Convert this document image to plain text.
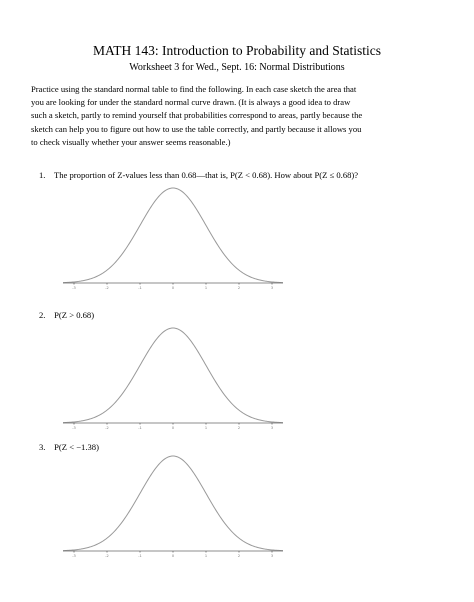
MATH 143: Introduction to Probability and Statistics
Worksheet 3 for Wed., Sept. 16: Normal Distributions
Practice using the standard normal table to find the following. In each case sketch the area that
you are looking for under the standard normal curve drawn. (It is always a good idea to draw
such a sketch, partly to remind yourself that probabilities correspond to areas, partly because the
sketch can help you to figure out how to use the table correctly, and partly because it allows you
to check visually whether your answer seems reasonable.)
1. The proportion of Z-values less than 0.68—that is, P(Z < 0.68). How about P(Z ≤ 0.68)?
-3	-2	-1	0	1	2	3
2. P(Z > 0.68)
-3	-2	-1	0	1	2	3
3. P(Z < −1.38)
-3	-2	-1	0	1	2	3
